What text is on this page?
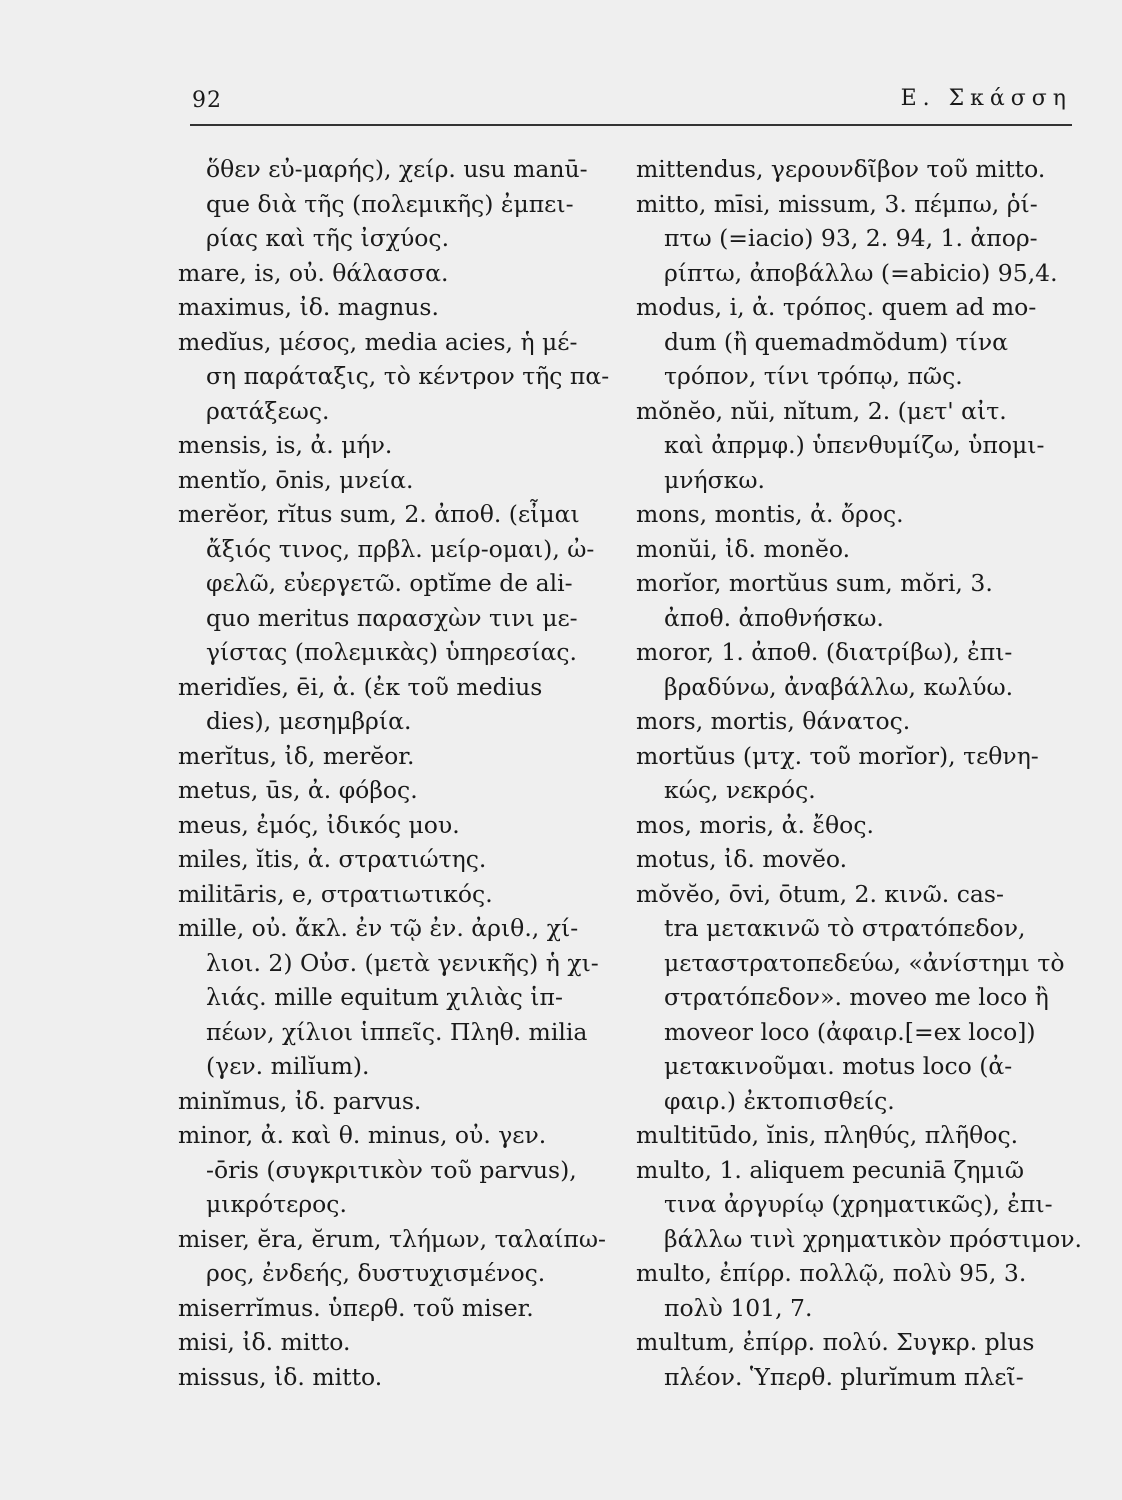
92	Ε. Σκάσση
ὅθεν εὐ-μαρής), χείρ. usu manū-
que διὰ τῆς (πολεμικῆς) ἐμπει-
ρίας καὶ τῆς ἰσχύος.
mare, is, οὐ. θάλασσα.
maximus, ἰδ. magnus.
medĭus, μέσος, media acies, ἡ μέ-
ση παράταξις, τὸ κέντρον τῆς πα-
ρατάξεως.
mensis, is, ἀ. μήν.
mentĭo, ōnis, μνεία.
merĕor, rĭtus sum, 2. ἀποθ. (εἶμαι
ἄξιός τινος, πρβλ. μείρ-ομαι), ὠ-
φελῶ, εὐεργετῶ. optĭme de ali-
quo meritus παρασχὼν τινι με-
γίστας (πολεμικὰς) ὑπηρεσίας.
meridĭes, ēi, ἀ. (ἐκ τοῦ medius
dies), μεσημβρία.
merĭtus, ἰδ, merĕor.
metus, ūs, ἀ. φόβος.
meus, ἐμός, ἰδικός μου.
miles, ĭtis, ἀ. στρατιώτης.
militāris, e, στρατιωτικός.
mille, οὐ. ἄκλ. ἐν τῷ ἐν. ἀριθ., χί-
λιοι. 2) Οὐσ. (μετὰ γενικῆς) ἡ χι-
λιάς. mille equitum χιλιὰς ἱπ-
πέων, χίλιοι ἱππεῖς. Πληθ. milia
(γεν. milĭum).
minĭmus, ἰδ. parvus.
minor, ἀ. καὶ θ. minus, οὐ. γεν.
-ōris (συγκριτικὸν τοῦ parvus),
μικρότερος.
miser, ĕra, ĕrum, τλήμων, ταλαίπω-
ρος, ἐνδεής, δυστυχισμένος.
miserrĭmus. ὑπερθ. τοῦ miser.
misi, ἰδ. mitto.
missus, ἰδ. mitto.
mittendus, γερουνδῖβον τοῦ mitto.
mitto, mīsi, missum, 3. πέμπω, ῥί-
πτω (=iacio) 93, 2. 94, 1. ἀπορ-
ρίπτω, ἀποβάλλω (=abicio) 95,4.
modus, i, ἀ. τρόπος. quem ad mo-
dum (ἢ quemadmŏdum) τίνα
τρόπον, τίνι τρόπῳ, πῶς.
mŏnĕo, nŭi, nĭtum, 2. (μετ' αἰτ.
καὶ ἀπρμφ.) ὑπενθυμίζω, ὑπομι-
μνήσκω.
mons, montis, ἀ. ὄρος.
monŭi, ἰδ. monĕo.
morĭor, mortŭus sum, mŏri, 3.
ἀποθ. ἀποθνήσκω.
moror, 1. ἀποθ. (διατρίβω), ἐπι-
βραδύνω, ἀναβάλλω, κωλύω.
mors, mortis, θάνατος.
mortŭus (μτχ. τοῦ morĭor), τεθνη-
κώς, νεκρός.
mos, moris, ἀ. ἔθος.
motus, ἰδ. movĕo.
mŏvĕo, ōvi, ōtum, 2. κινῶ. cas-
tra μετακινῶ τὸ στρατόπεδον,
μεταστρατοπεδεύω, «ἀνίστημι τὸ
στρατόπεδον». moveo me loco ἢ
moveor loco (ἀφαιρ.[=ex loco])
μετακινοῦμαι. motus loco (ἀ-
φαιρ.) ἐκτοπισθείς.
multitūdo, ĭnis, πληθύς, πλῆθος.
multo, 1. aliquem pecuniā ζημιῶ
τινα ἀργυρίῳ (χρηματικῶς), ἐπι-
βάλλω τινὶ χρηματικὸν πρόστιμον.
multo, ἐπίρρ. πολλῷ, πολὺ 95, 3.
πολὺ 101, 7.
multum, ἐπίρρ. πολύ. Συγκρ. plus
πλέον. Ὑπερθ. plurĭmum πλεῖ-
